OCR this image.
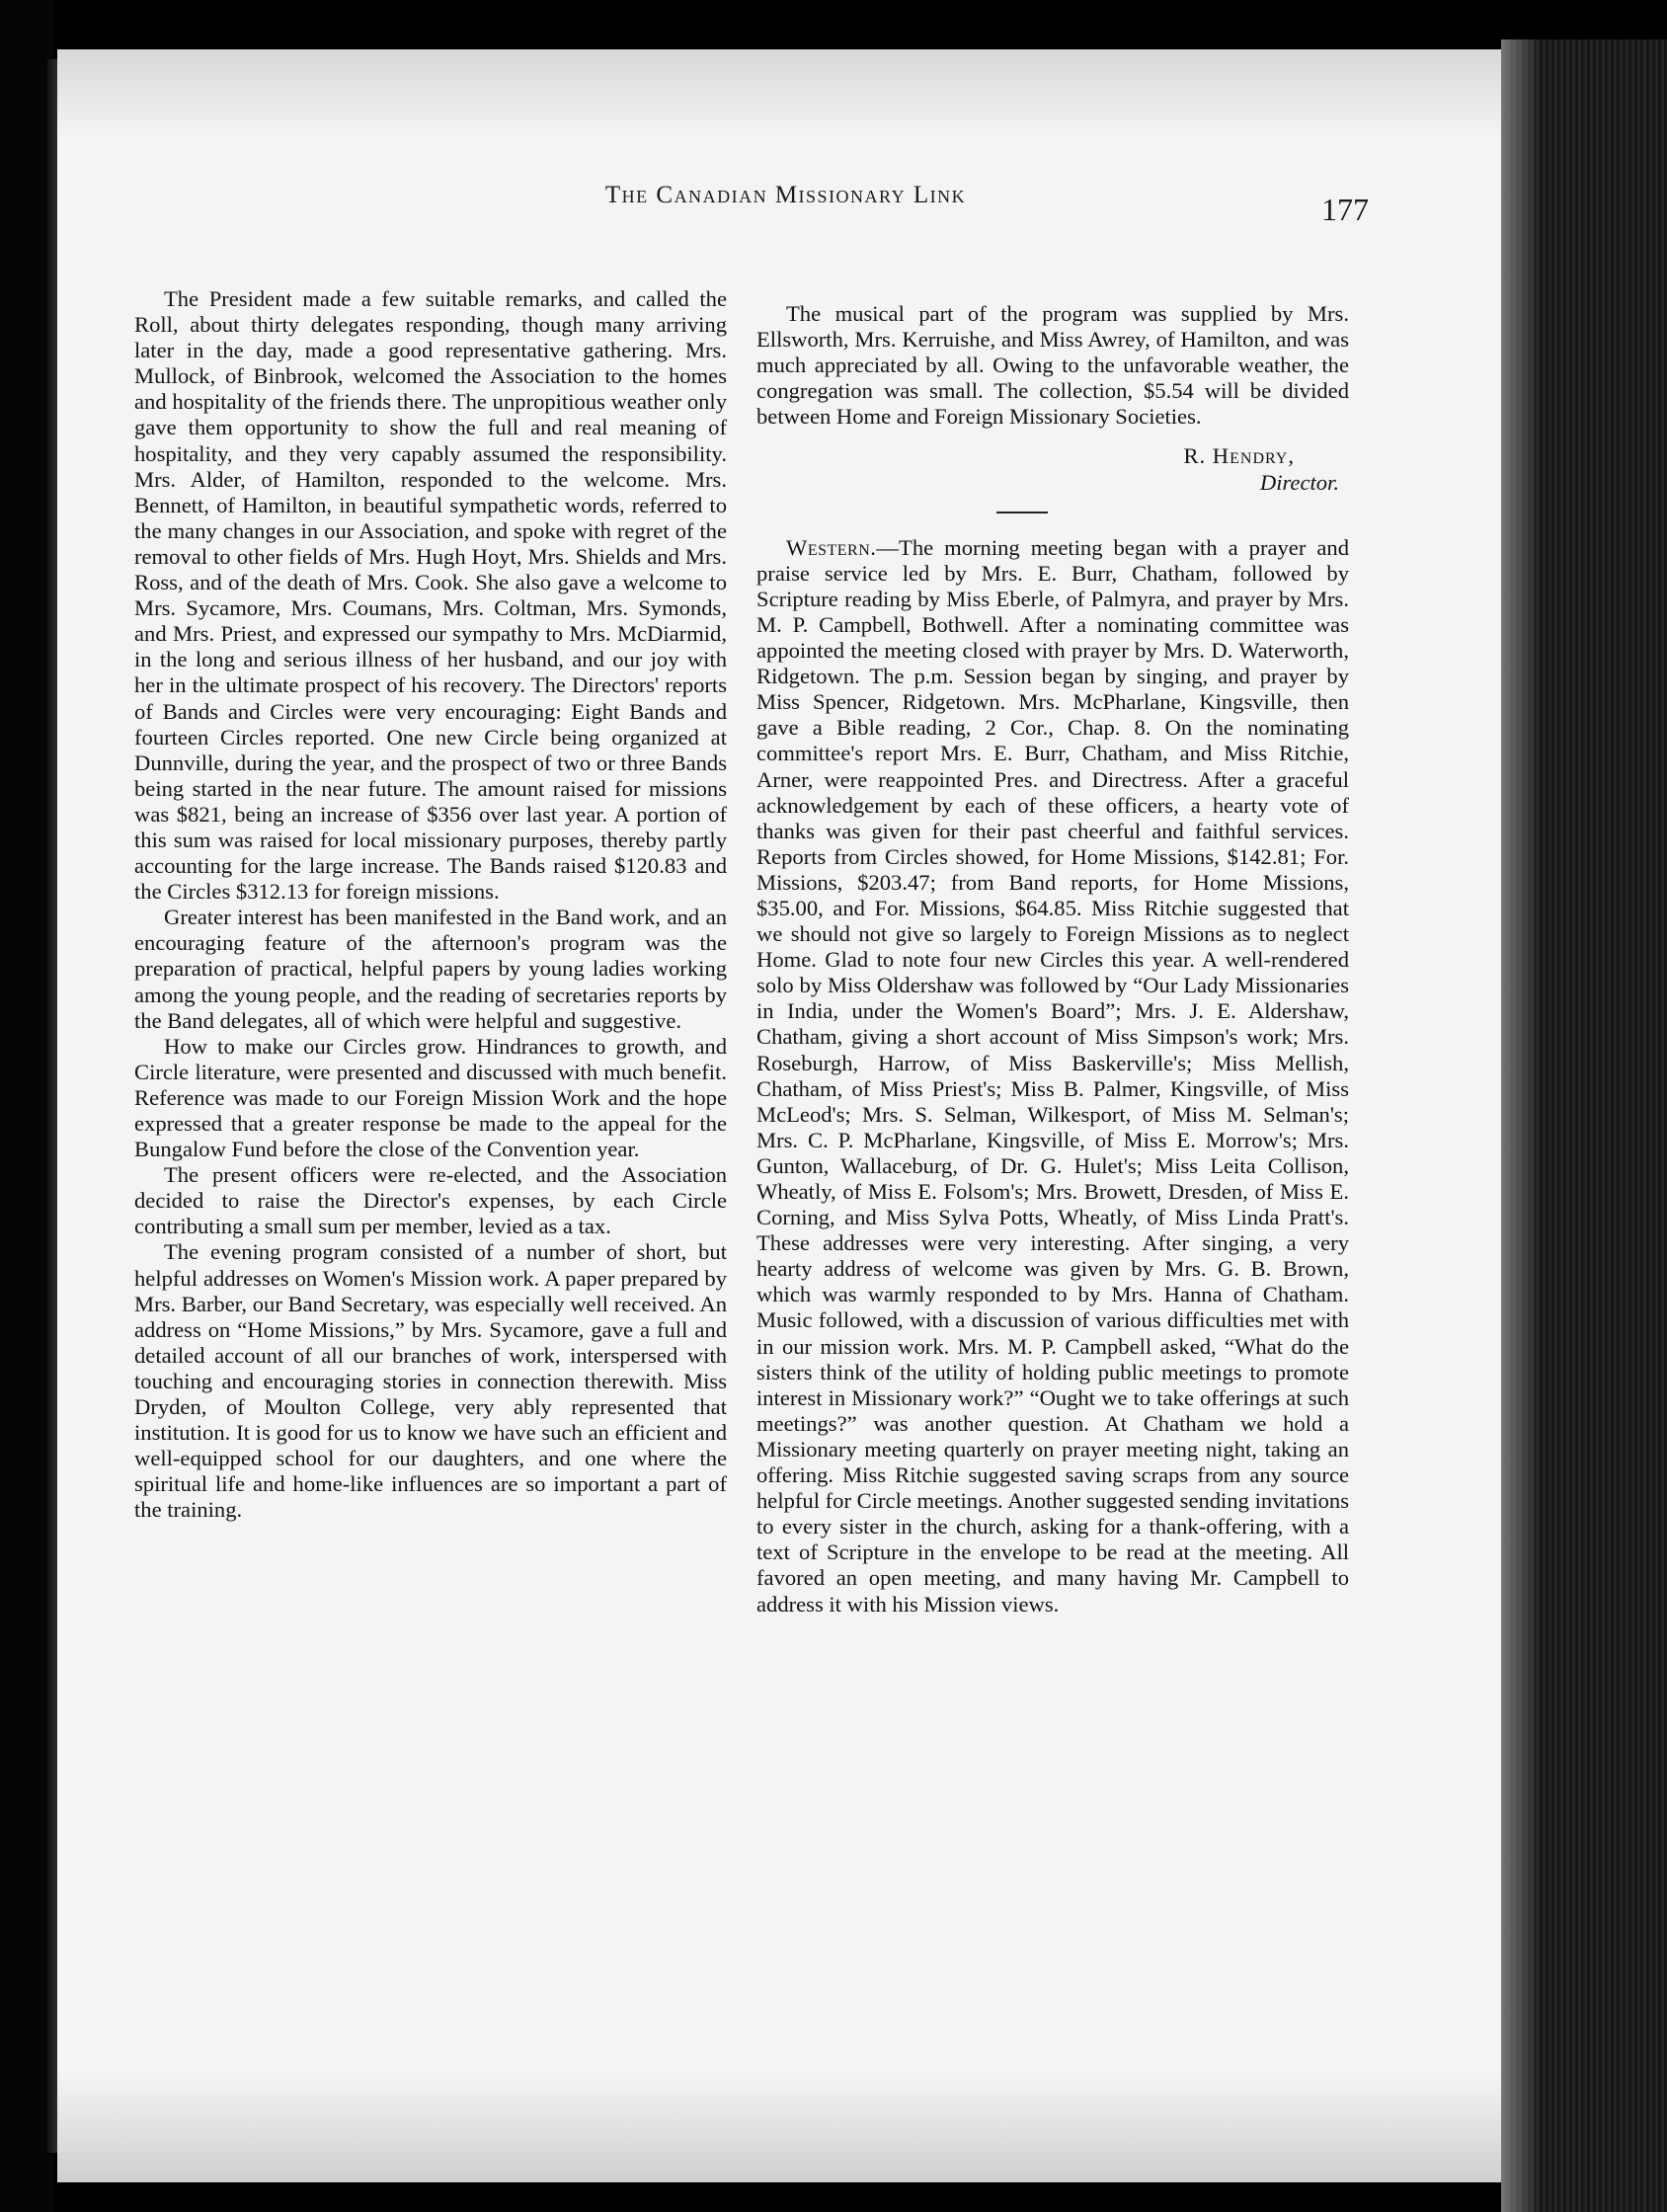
The Canadian Missionary Link	177

The President made a few suitable remarks, and called the Roll, about thirty delegates responding, though many arriving later in the day, made a good representative gathering. Mrs. Mullock, of Binbrook, welcomed the Association to the homes and hospitality of the friends there. The unpropitious weather only gave them opportunity to show the full and real meaning of hospitality, and they very capably assumed the responsibility. Mrs. Alder, of Hamilton, responded to the welcome. Mrs. Bennett, of Hamilton, in beautiful sympathetic words, referred to the many changes in our Association, and spoke with regret of the removal to other fields of Mrs. Hugh Hoyt, Mrs. Shields and Mrs. Ross, and of the death of Mrs. Cook. She also gave a welcome to Mrs. Sycamore, Mrs. Coumans, Mrs. Coltman, Mrs. Symonds, and Mrs. Priest, and expressed our sympathy to Mrs. McDiarmid, in the long and serious illness of her husband, and our joy with her in the ultimate prospect of his recovery. The Directors' reports of Bands and Circles were very encouraging: Eight Bands and fourteen Circles reported. One new Circle being organized at Dunnville, during the year, and the prospect of two or three Bands being started in the near future. The amount raised for missions was $821, being an increase of $356 over last year. A portion of this sum was raised for local missionary purposes, thereby partly accounting for the large increase. The Bands raised $120.83 and the Circles $312.13 for foreign missions.

Greater interest has been manifested in the Band work, and an encouraging feature of the afternoon's program was the preparation of practical, helpful papers by young ladies working among the young people, and the reading of secretaries reports by the Band delegates, all of which were helpful and suggestive.

How to make our Circles grow. Hindrances to growth, and Circle literature, were presented and discussed with much benefit. Reference was made to our Foreign Mission Work and the hope expressed that a greater response be made to the appeal for the Bungalow Fund before the close of the Convention year.

The present officers were re-elected, and the Association decided to raise the Director's expenses, by each Circle contributing a small sum per member, levied as a tax.

The evening program consisted of a number of short, but helpful addresses on Women's Mission work. A paper prepared by Mrs. Barber, our Band Secretary, was especially well received. An address on “Home Missions,” by Mrs. Sycamore, gave a full and detailed account of all our branches of work, interspersed with touching and encouraging stories in connection therewith. Miss Dryden, of Moulton College, very ably represented that institution. It is good for us to know we have such an efficient and well-equipped school for our daughters, and one where the spiritual life and home-like influences are so important a part of the training.

The musical part of the program was supplied by Mrs. Ellsworth, Mrs. Kerruishe, and Miss Awrey, of Hamilton, and was much appreciated by all. Owing to the unfavorable weather, the congregation was small. The collection, $5.54 will be divided between Home and Foreign Missionary Societies.

R. Hendry,
Director.

Western.—The morning meeting began with a prayer and praise service led by Mrs. E. Burr, Chatham, followed by Scripture reading by Miss Eberle, of Palmyra, and prayer by Mrs. M. P. Campbell, Bothwell. After a nominating committee was appointed the meeting closed with prayer by Mrs. D. Waterworth, Ridgetown. The p.m. Session began by singing, and prayer by Miss Spencer, Ridgetown. Mrs. McPharlane, Kingsville, then gave a Bible reading, 2 Cor., Chap. 8. On the nominating committee's report Mrs. E. Burr, Chatham, and Miss Ritchie, Arner, were reappointed Pres. and Directress. After a graceful acknowledgement by each of these officers, a hearty vote of thanks was given for their past cheerful and faithful services. Reports from Circles showed, for Home Missions, $142.81; For. Missions, $203.47; from Band reports, for Home Missions, $35.00, and For. Missions, $64.85. Miss Ritchie suggested that we should not give so largely to Foreign Missions as to neglect Home. Glad to note four new Circles this year. A well-rendered solo by Miss Oldershaw was followed by “Our Lady Missionaries in India, under the Women's Board”; Mrs. J. E. Aldershaw, Chatham, giving a short account of Miss Simpson's work; Mrs. Roseburgh, Harrow, of Miss Baskerville's; Miss Mellish, Chatham, of Miss Priest's; Miss B. Palmer, Kingsville, of Miss McLeod's; Mrs. S. Selman, Wilkesport, of Miss M. Selman's; Mrs. C. P. McPharlane, Kingsville, of Miss E. Morrow's; Mrs. Gunton, Wallaceburg, of Dr. G. Hulet's; Miss Leita Collison, Wheatly, of Miss E. Folsom's; Mrs. Browett, Dresden, of Miss E. Corning, and Miss Sylva Potts, Wheatly, of Miss Linda Pratt's. These addresses were very interesting. After singing, a very hearty address of welcome was given by Mrs. G. B. Brown, which was warmly responded to by Mrs. Hanna of Chatham. Music followed, with a discussion of various difficulties met with in our mission work. Mrs. M. P. Campbell asked, “What do the sisters think of the utility of holding public meetings to promote interest in Missionary work?” “Ought we to take offerings at such meetings?” was another question. At Chatham we hold a Missionary meeting quarterly on prayer meeting night, taking an offering. Miss Ritchie suggested saving scraps from any source helpful for Circle meetings. Another suggested sending invitations to every sister in the church, asking for a thank-offering, with a text of Scripture in the envelope to be read at the meeting. All favored an open meeting, and many having Mr. Campbell to address it with his Mission views.
